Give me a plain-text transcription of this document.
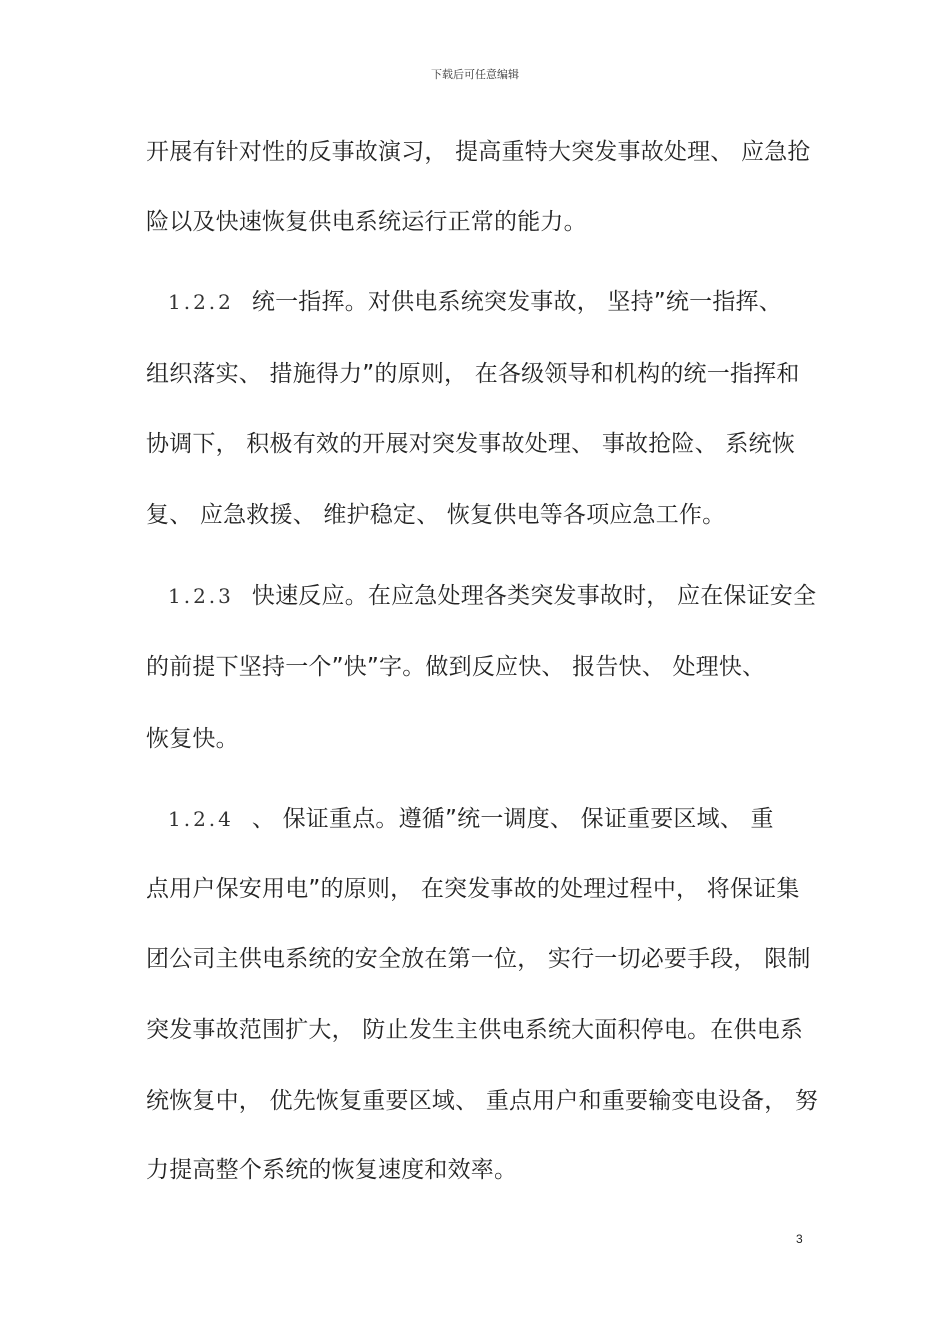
下载后可任意编辑
开展有针对性的反事故演习， 提高重特大突发事故处理、 应急抢
险以及快速恢复供电系统运行正常的能力。
1.2.2 统一指挥。对供电系统突发事故， 坚持”统一指挥、
组织落实、 措施得力”的原则， 在各级领导和机构的统一指挥和
协调下， 积极有效的开展对突发事故处理、 事故抢险、 系统恢
复、 应急救援、 维护稳定、 恢复供电等各项应急工作。
1.2.3 快速反应。在应急处理各类突发事故时， 应在保证安全
的前提下坚持一个”快”字。做到反应快、 报告快、 处理快、
恢复快。
1.2.4 、 保证重点。遵循”统一调度、 保证重要区域、 重
点用户保安用电”的原则， 在突发事故的处理过程中， 将保证集
团公司主供电系统的安全放在第一位， 实行一切必要手段， 限制
突发事故范围扩大， 防止发生主供电系统大面积停电。在供电系
统恢复中， 优先恢复重要区域、 重点用户和重要输变电设备， 努
力提高整个系统的恢复速度和效率。
3
